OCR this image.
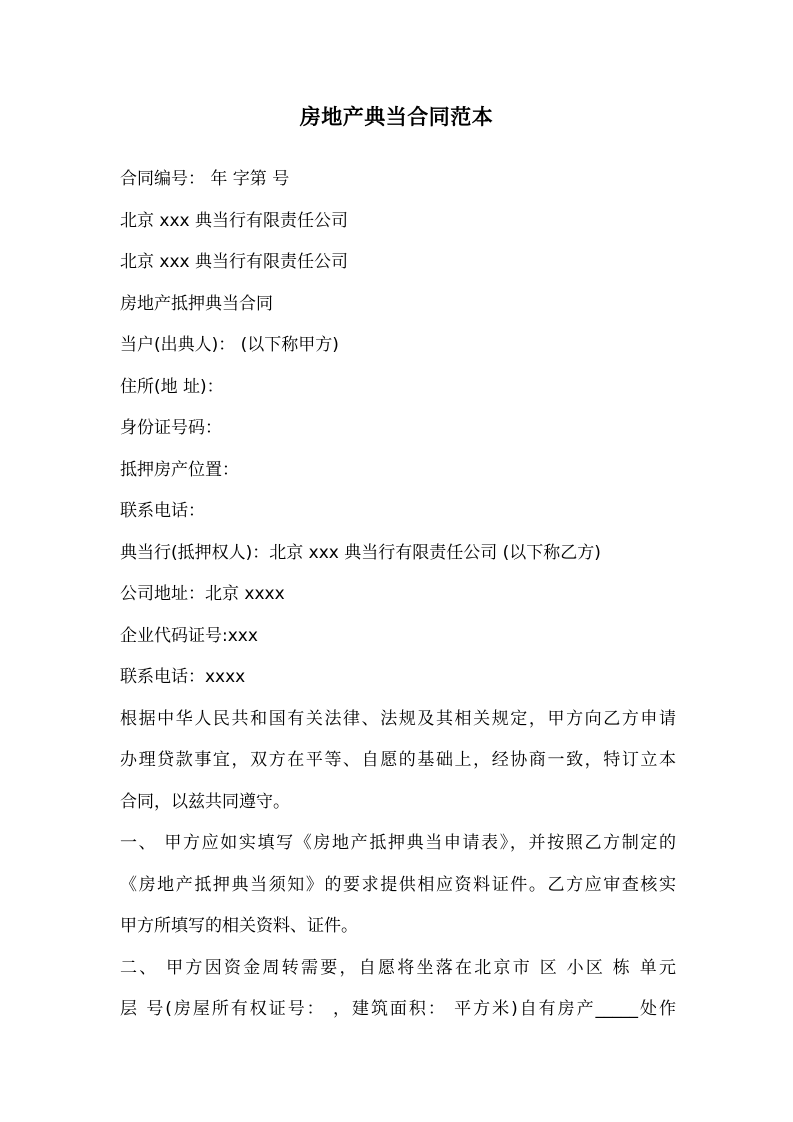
房地产典当合同范本
合同编号： 年 字第 号
北京 xxx 典当行有限责任公司
北京 xxx 典当行有限责任公司
房地产抵押典当合同
当户(出典人)： (以下称甲方)
住所(地 址)：
身份证号码：
抵押房产位置：
联系电话：
典当行(抵押权人)：北京 xxx 典当行有限责任公司 (以下称乙方)
公司地址：北京 xxxx
企业代码证号:xxx
联系电话：xxxx
根据中华人民共和国有关法律、法规及其相关规定，甲方向乙方申请
办理贷款事宜，双方在平等、自愿的基础上，经协商一致，特订立本
合同，以兹共同遵守。
一、 甲方应如实填写《房地产抵押典当申请表》，并按照乙方制定的
《房地产抵押典当须知》的要求提供相应资料证件。乙方应审查核实
甲方所填写的相关资料、证件。
二、 甲方因资金周转需要，自愿将坐落在北京市 区 小区 栋 单元
层 号(房屋所有权证号： ，建筑面积： 平方米)自有房产_____处作
